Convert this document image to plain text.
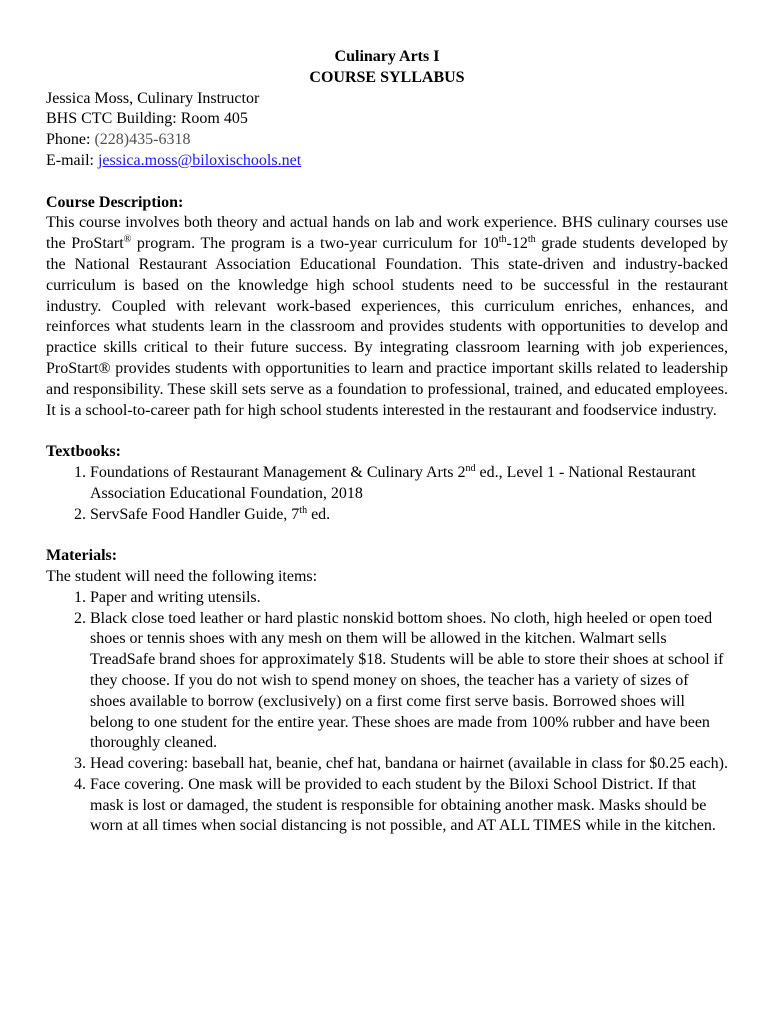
Culinary Arts I
COURSE SYLLABUS
Jessica Moss, Culinary Instructor
BHS CTC Building: Room 405
Phone: (228)435-6318
E-mail: jessica.moss@biloxischools.net
Course Description:

This course involves both theory and actual hands on lab and work experience. BHS culinary courses use the ProStart® program. The program is a two-year curriculum for 10th-12th grade students developed by the National Restaurant Association Educational Foundation. This state-driven and industry-backed curriculum is based on the knowledge high school students need to be successful in the restaurant industry. Coupled with relevant work-based experiences, this curriculum enriches, enhances, and reinforces what students learn in the classroom and provides students with opportunities to develop and practice skills critical to their future success. By integrating classroom learning with job experiences, ProStart® provides students with opportunities to learn and practice important skills related to leadership and responsibility. These skill sets serve as a foundation to professional, trained, and educated employees. It is a school-to-career path for high school students interested in the restaurant and foodservice industry.

Textbooks:
1. Foundations of Restaurant Management & Culinary Arts 2nd ed., Level 1 - National Restaurant Association Educational Foundation, 2018
2. ServSafe Food Handler Guide, 7th ed.
Materials:
The student will need the following items:
1. Paper and writing utensils.
2. Black close toed leather or hard plastic nonskid bottom shoes. No cloth, high heeled or open toed shoes or tennis shoes with any mesh on them will be allowed in the kitchen. Walmart sells TreadSafe brand shoes for approximately $18. Students will be able to store their shoes at school if they choose. If you do not wish to spend money on shoes, the teacher has a variety of sizes of shoes available to borrow (exclusively) on a first come first serve basis. Borrowed shoes will belong to one student for the entire year. These shoes are made from 100% rubber and have been thoroughly cleaned.
3. Head covering: baseball hat, beanie, chef hat, bandana or hairnet (available in class for $0.25 each).
4. Face covering. One mask will be provided to each student by the Biloxi School District. If that mask is lost or damaged, the student is responsible for obtaining another mask. Masks should be worn at all times when social distancing is not possible, and AT ALL TIMES while in the kitchen.
